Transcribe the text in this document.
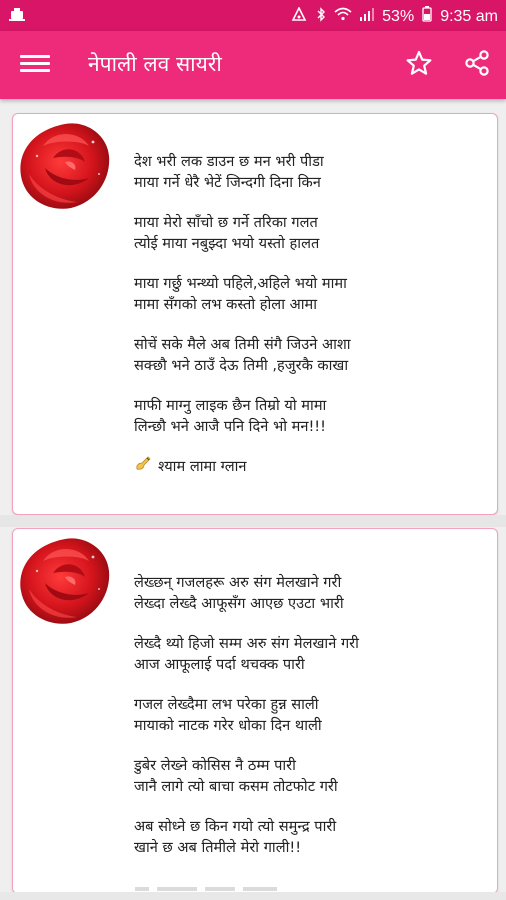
53% 9:35 am
नेपाली लव सायरी
देश भरी लक डाउन छ मन भरी पीडा
माया गर्ने धेरै भेटें जिन्दगी दिना किन
माया मेरो साँचो छ गर्ने तरिका गलत
त्योई माया नबुझ्दा भयो यस्तो हालत
माया गर्छु भन्थ्यो पहिले,अहिले भयो मामा
मामा सँगको लभ कस्तो होला आमा
सोचें सके मैले अब तिमी संगै जिउने आशा
सक्छौ भने ठाउँ देऊ तिमी ,हजुरकै काखा
माफी माग्नु लाइक छैन तिम्रो यो मामा
लिन्छौ भने आजै पनि दिने भो मन!!!
श्याम लामा ग्लान
लेख्छन् गजलहरू अरु संग मेलखाने गरी
लेख्दा लेख्दै आफूसँग आएछ एउटा भारी
लेख्दै थ्यो हिजो सम्म अरु संग मेलखाने गरी
आज आफूलाई पर्दा थचक्क पारी
गजल लेख्दैमा लभ परेका हुन्न साली
मायाको नाटक गरेर धोका दिन थाली
डुबेर लेख्ने कोसिस नै ठम्म पारी
जानै लागे त्यो बाचा कसम तोटफोट गरी
अब सोध्ने छ किन गयो त्यो समुन्द्र पारी
खाने छ अब तिमीले मेरो गाली!!
